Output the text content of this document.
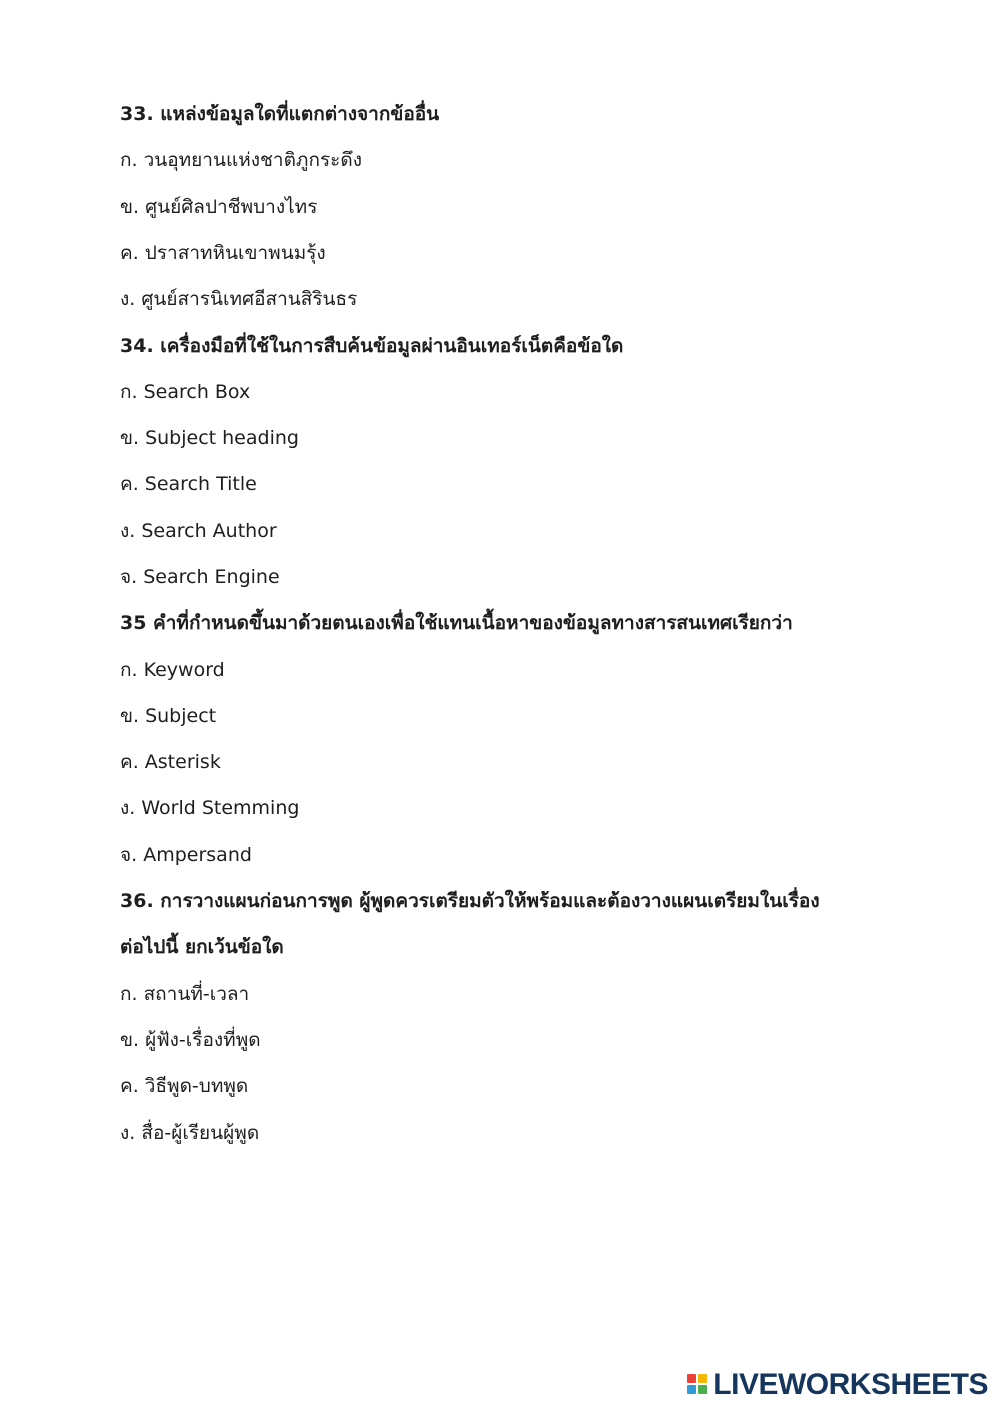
33. แหล่งข้อมูลใดที่แตกต่างจากข้ออื่น
ก. วนอุทยานแห่งชาติภูกระดึง
ข. ศูนย์ศิลปาชีพบางไทร
ค. ปราสาทหินเขาพนมรุ้ง
ง. ศูนย์สารนิเทศอีสานสิรินธร
34. เครื่องมือที่ใช้ในการสืบค้นข้อมูลผ่านอินเทอร์เน็ตคือข้อใด
ก. Search Box
ข. Subject heading
ค. Search Title
ง. Search Author
จ. Search Engine
35 คำที่กำหนดขึ้นมาด้วยตนเองเพื่อใช้แทนเนื้อหาของข้อมูลทางสารสนเทศเรียกว่า
ก. Keyword
ข. Subject
ค. Asterisk
ง. World Stemming
จ. Ampersand
36. การวางแผนก่อนการพูด ผู้พูดควรเตรียมตัวให้พร้อมและต้องวางแผนเตรียมในเรื่อง
ต่อไปนี้ ยกเว้นข้อใด
ก. สถานที่-เวลา
ข. ผู้ฟัง-เรื่องที่พูด
ค. วิธีพูด-บทพูด
ง. สื่อ-ผู้เรียนผู้พูด
LIVEWORKSHEETS
